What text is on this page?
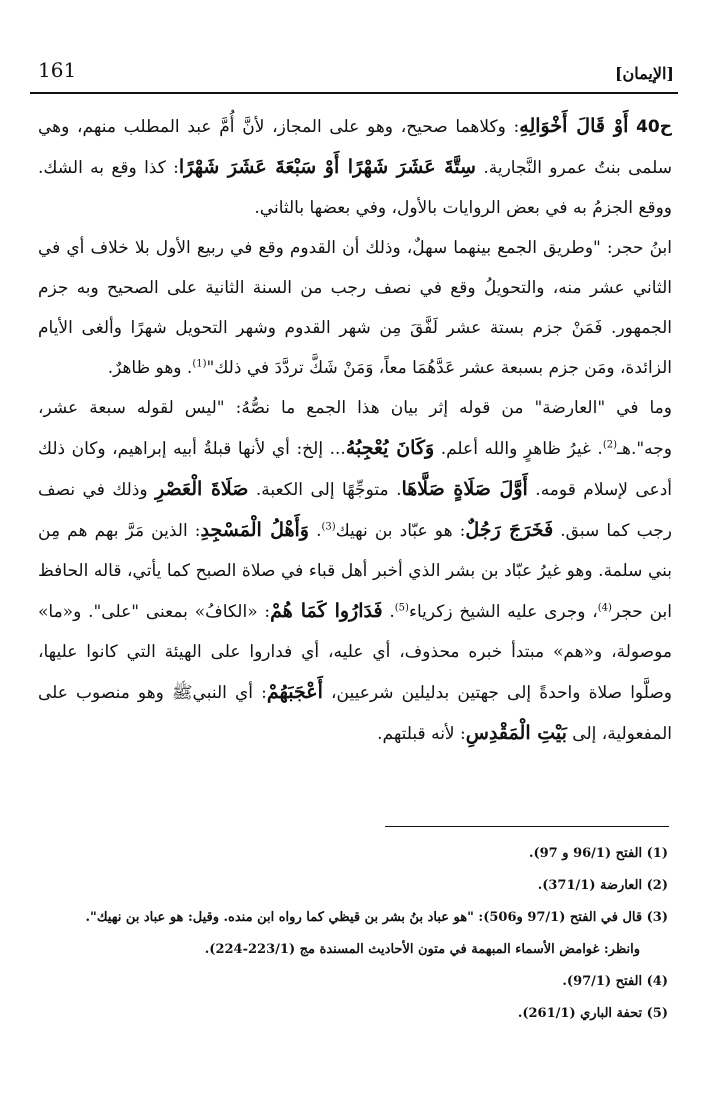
161	[الإيمان]

ح40 أَوْ قَالَ أَخْوَالِهِ: وكلاهما صحيح، وهو على المجاز، لأنَّ أُمَّ عبد المطلب منهم، وهي سلمى بنتُ عمرو النَّجارية. سِتَّةَ عَشَرَ شَهْرًا أَوْ سَبْعَةَ عَشَرَ شَهْرًا: كذا وقع به الشك. ووقع الجزمُ به في بعض الروايات بالأول، وفي بعضها بالثاني.

ابنُ حجر: "وطريق الجمع بينهما سهلٌ، وذلك أن القدوم وقع في ربيع الأول بلا خلاف أي في الثاني عشر منه، والتحويلُ وقع في نصف رجب من السنة الثانية على الصحيح وبه جزم الجمهور. فَمَنْ جزم بستة عشر لَفَّقَ مِن شهر القدوم وشهر التحويل شهرًا وألغى الأيام الزائدة، ومَن جزم بسبعة عشر عَدَّهُمَا معاً، وَمَنْ شَكَّ تردَّدَ في ذلك"$^{(1)}$. وهو ظاهرٌ.

وما في "العارضة" من قوله إثر بيان هذا الجمع ما نصُّهُ: "ليس لقوله سبعة عشر، وجه".هـ$^{(2)}$. غيرُ ظاهرٍ والله أعلم. وَكَانَ يُعْجِبُهُ... إلخ: أي لأنها قبلةُ أبيه إبراهيم، وكان ذلك أدعى لإسلام قومه. أَوَّلَ صَلَاةٍ صَلَّاهَا. متوجِّهًا إلى الكعبة. صَلَاةَ الْعَصْرِ وذلك في نصف رجب كما سبق. فَخَرَجَ رَجُلٌ: هو عبّاد بن نهيك$^{(3)}$. وَأَهْلُ الْمَسْجِدِ: الذين مَرَّ بهم هم مِن بني سلمة. وهو غيرُ عبّاد بن بشر الذي أخبر أهل قباء في صلاة الصبح كما يأتي، قاله الحافظ ابن حجر$^{(4)}$، وجرى عليه الشيخ زكرياء$^{(5)}$. فَدَارُوا كَمَا هُمْ: «الكافُ» بمعنى "على". و«ما» موصولة، و«هم» مبتدأ خبره محذوف، أي عليه، أي فداروا على الهيئة التي كانوا عليها، وصلَّوا صلاة واحدةً إلى جهتين بدليلين شرعيين، أَعْجَبَهُمْ: أي النبيﷺ وهو منصوب على المفعولية، إلى بَيْتِ الْمَقْدِسِ: لأنه قبلتهم.

(1) الفتح (96/1 و 97).

(2) العارضة (371/1).

(3) قال في الفتح (97/1 و506): "هو عباد بنُ بشر بن قيظي كما رواه ابن منده. وقيل: هو عباد بن نهيك".

وانظر: غوامض الأسماء المبهمة في متون الأحاديث المسندة مج (223/1-224).

(4) الفتح (97/1).

(5) تحفة الباري (261/1).
